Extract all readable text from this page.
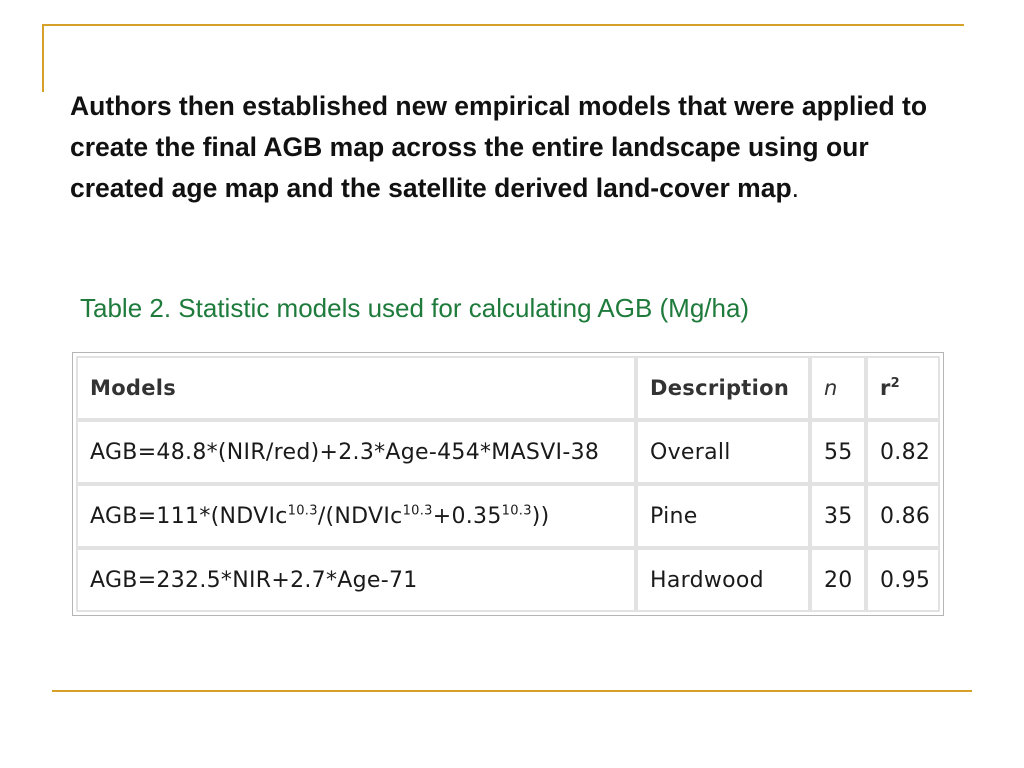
Authors then established new empirical models that were applied to create the final AGB map across the entire landscape using our created age map and the satellite derived land-cover map.

Table 2. Statistic models used for calculating AGB (Mg/ha)

Models	Description	n	$r^2$
AGB=48.8*(NIR/red)+2.3*Age-454*MASVI-38	Overall	55	0.82
$AGB=111*(NDVIc^{10.3}/(NDVIc^{10.3}+0.35^{10.3}))$	Pine	35	0.86
AGB=232.5*NIR+2.7*Age-71	Hardwood	20	0.95
